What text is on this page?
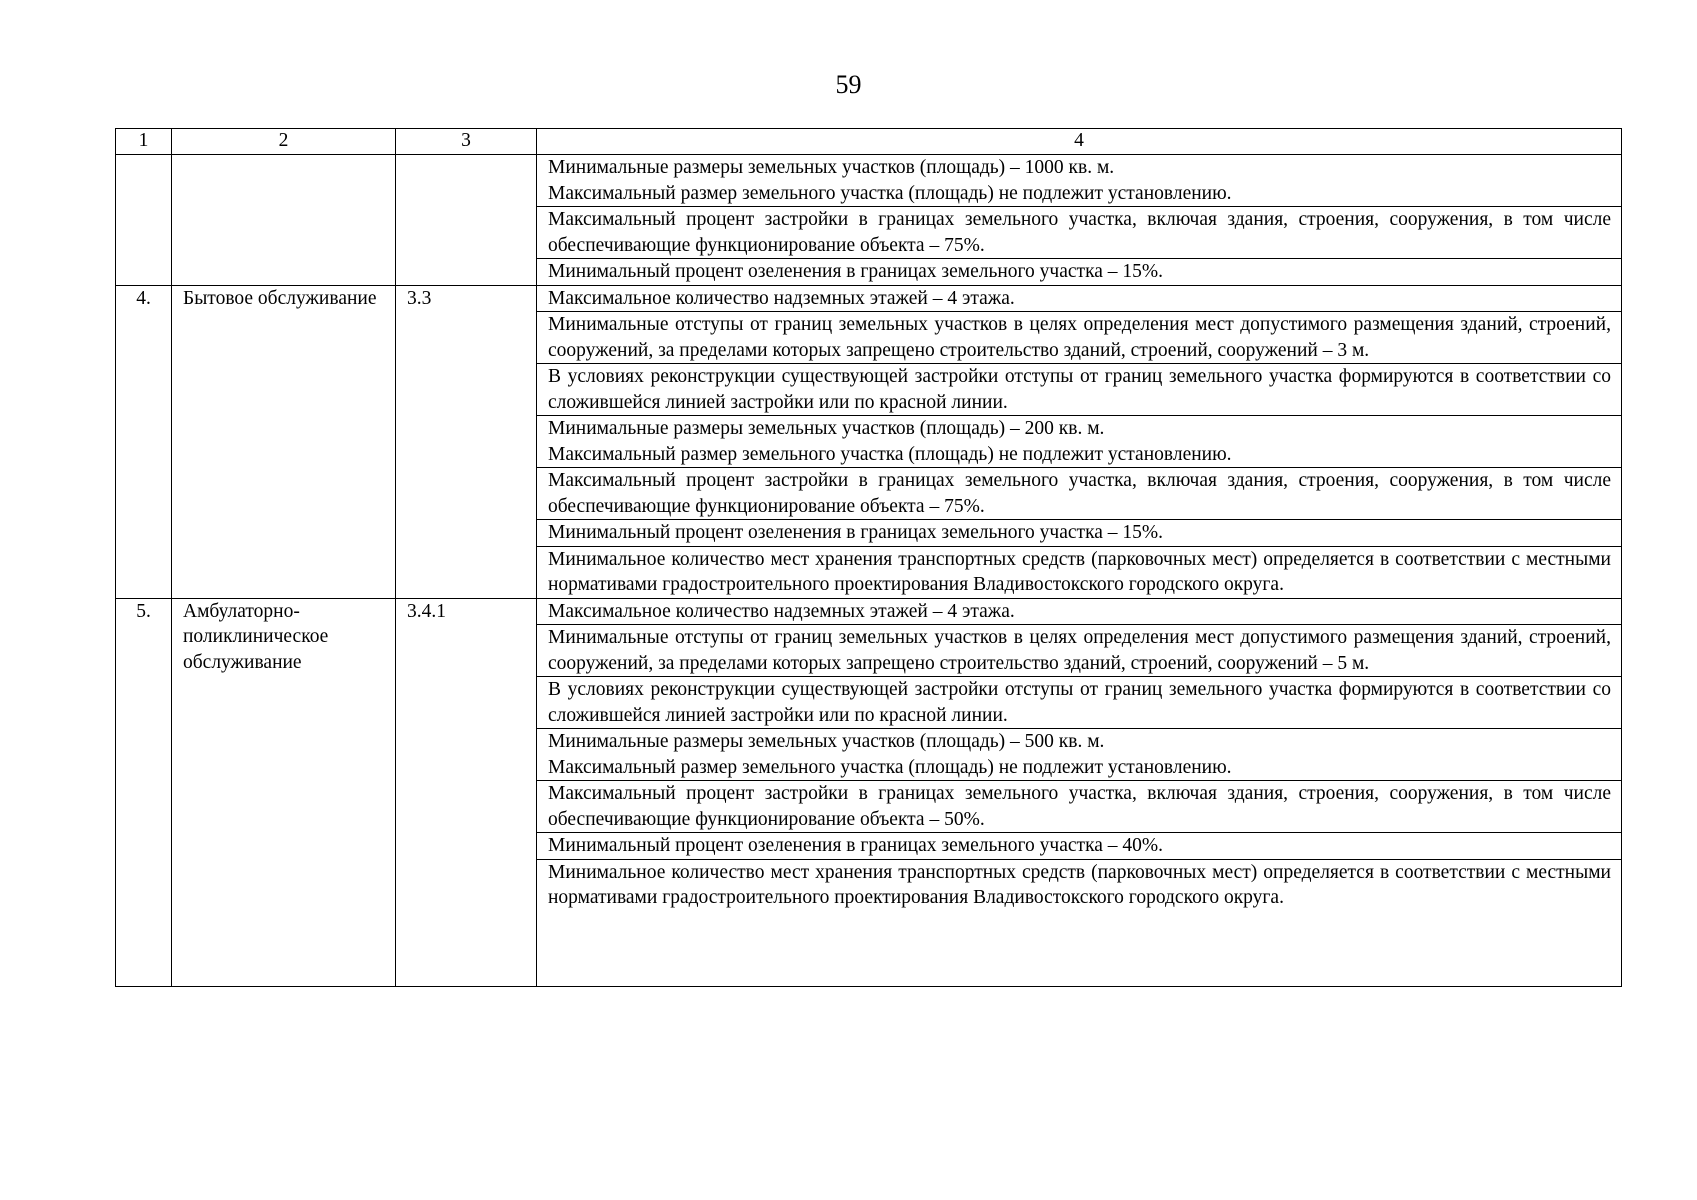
59
1	2	3	4

			Минимальные размеры земельных участков (площадь) – 1000 кв. м.
Максимальный размер земельного участка (площадь) не подлежит установлению.

			Максимальный процент застройки в границах земельного участка, включая здания, строения, сооружения, в том числе обеспечивающие функционирование объекта – 75%.

			Минимальный процент озеленения в границах земельного участка – 15%.

4.	Бытовое обслуживание	3.3	Максимальное количество надземных этажей – 4 этажа.

			Минимальные отступы от границ земельных участков в целях определения мест допустимого размещения зданий, строений, сооружений, за пределами которых запрещено строительство зданий, строений, сооружений – 3 м.

			В условиях реконструкции существующей застройки отступы от границ земельного участка формируются в соответствии со сложившейся линией застройки или по красной линии.

			Минимальные размеры земельных участков (площадь) – 200 кв. м.
Максимальный размер земельного участка (площадь) не подлежит установлению.

			Максимальный процент застройки в границах земельного участка, включая здания, строения, сооружения, в том числе обеспечивающие функционирование объекта – 75%.

			Минимальный процент озеленения в границах земельного участка – 15%.

			Минимальное количество мест хранения транспортных средств (парковочных мест) определяется в соответствии с местными нормативами градостроительного проектирования Владивостокского городского округа.

5.	Амбулаторно-поликлиническое обслуживание	3.4.1	Максимальное количество надземных этажей – 4 этажа.

			Минимальные отступы от границ земельных участков в целях определения мест допустимого размещения зданий, строений, сооружений, за пределами которых запрещено строительство зданий, строений, сооружений – 5 м.

			В условиях реконструкции существующей застройки отступы от границ земельного участка формируются в соответствии со сложившейся линией застройки или по красной линии.

			Минимальные размеры земельных участков (площадь) – 500 кв. м.
Максимальный размер земельного участка (площадь) не подлежит установлению.

			Максимальный процент застройки в границах земельного участка, включая здания, строения, сооружения, в том числе обеспечивающие функционирование объекта – 50%.

			Минимальный процент озеленения в границах земельного участка – 40%.

			Минимальное количество мест хранения транспортных средств (парковочных мест) определяется в соответствии с местными нормативами градостроительного проектирования Владивостокского городского округа.
